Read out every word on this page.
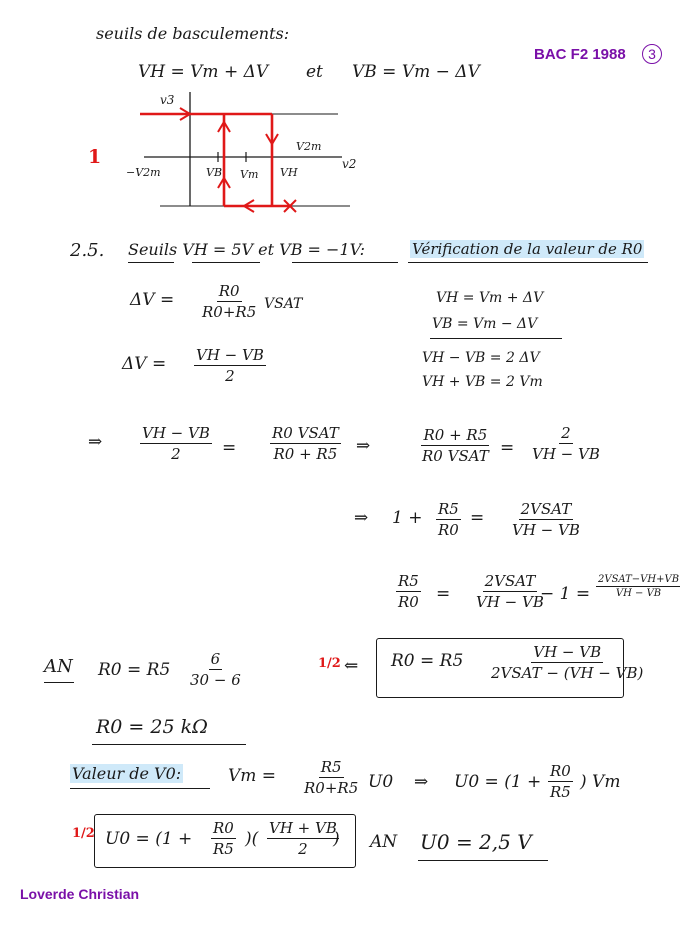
seuils de basculements:
BAC F2 1988	3
VH = Vm + ΔV et VB = Vm − ΔV
1
v3
v2
−V2m
V2m
VB Vm VH
2.5. Seuils VH = 5V et VB = −1V:	Vérification de la valeur de R0
$\Delta V = \frac{R0}{R0+R5}$ VSAT	VH = Vm + ΔV
VB = Vm − ΔV
$\Delta V = \frac{VH - VB}{2}$	VH − VB = 2 ΔV
VH + VB = 2 Vm
⇒	$\frac{VH - VB}{2}$ =
R0 VSAT
R0 + R5 ⇒
R0 + R5
R0 VSAT = $\frac{2}{VH - VB}$
⇒ $1 + \frac{R5}{R0}$ = 2VSAT
VH − VB
$\frac{R5}{R0}$ =
2VSAT
VH − VB
− 1 =
2VSAT−VH+VB
VH − VB
AN $R0 = R5 \frac{6}{30 - 6}$	1/2 ⇐ R0 = R5	VH − VB
2VSAT − (VH − VB)
R0 = 25 kΩ
Valeur de V0:	$Vm = \frac{R5}{R0+R5} U0$ ⇒ $U0 = (1 + \frac{R0}{R5}$ ) Vm
1/2 $U0 = (1 + \frac{R0}{R5}$ )( $\frac{VH + VB}{2}$
) AN U0 = 2,5 V
Loverde Christian
